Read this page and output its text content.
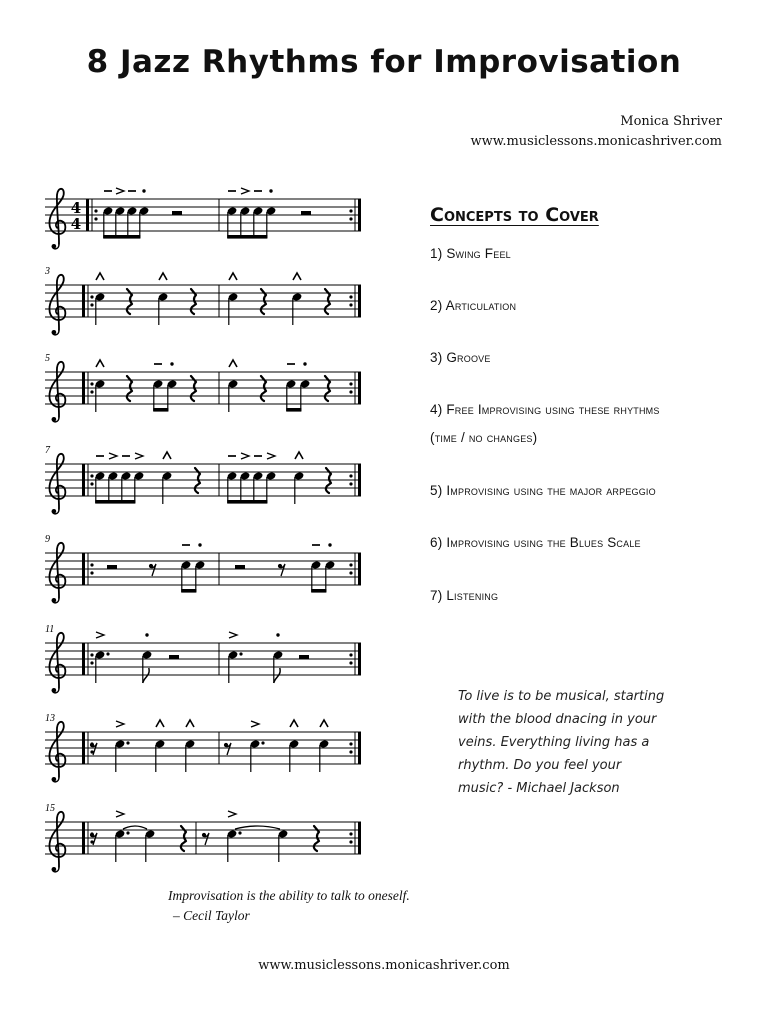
8 Jazz Rhythms for Improvisation
Monica Shriver
www.musiclessons.monicashriver.com
4
4
3
5
7
9
11
13
15
Concepts to Cover
1) Swing Feel
2) Articulation
3) Groove
4) Free Improvising using these rhythms
(time / no changes)
5) Improvising using the major arpeggio
6) Improvising using the Blues Scale
7) Listening
To live is to be musical, starting
with the blood dnacing in your
veins. Everything living has a
rhythm. Do you feel your
music? - Michael Jackson
Improvisation is the ability to talk to oneself.
– Cecil Taylor
www.musiclessons.monicashriver.com
